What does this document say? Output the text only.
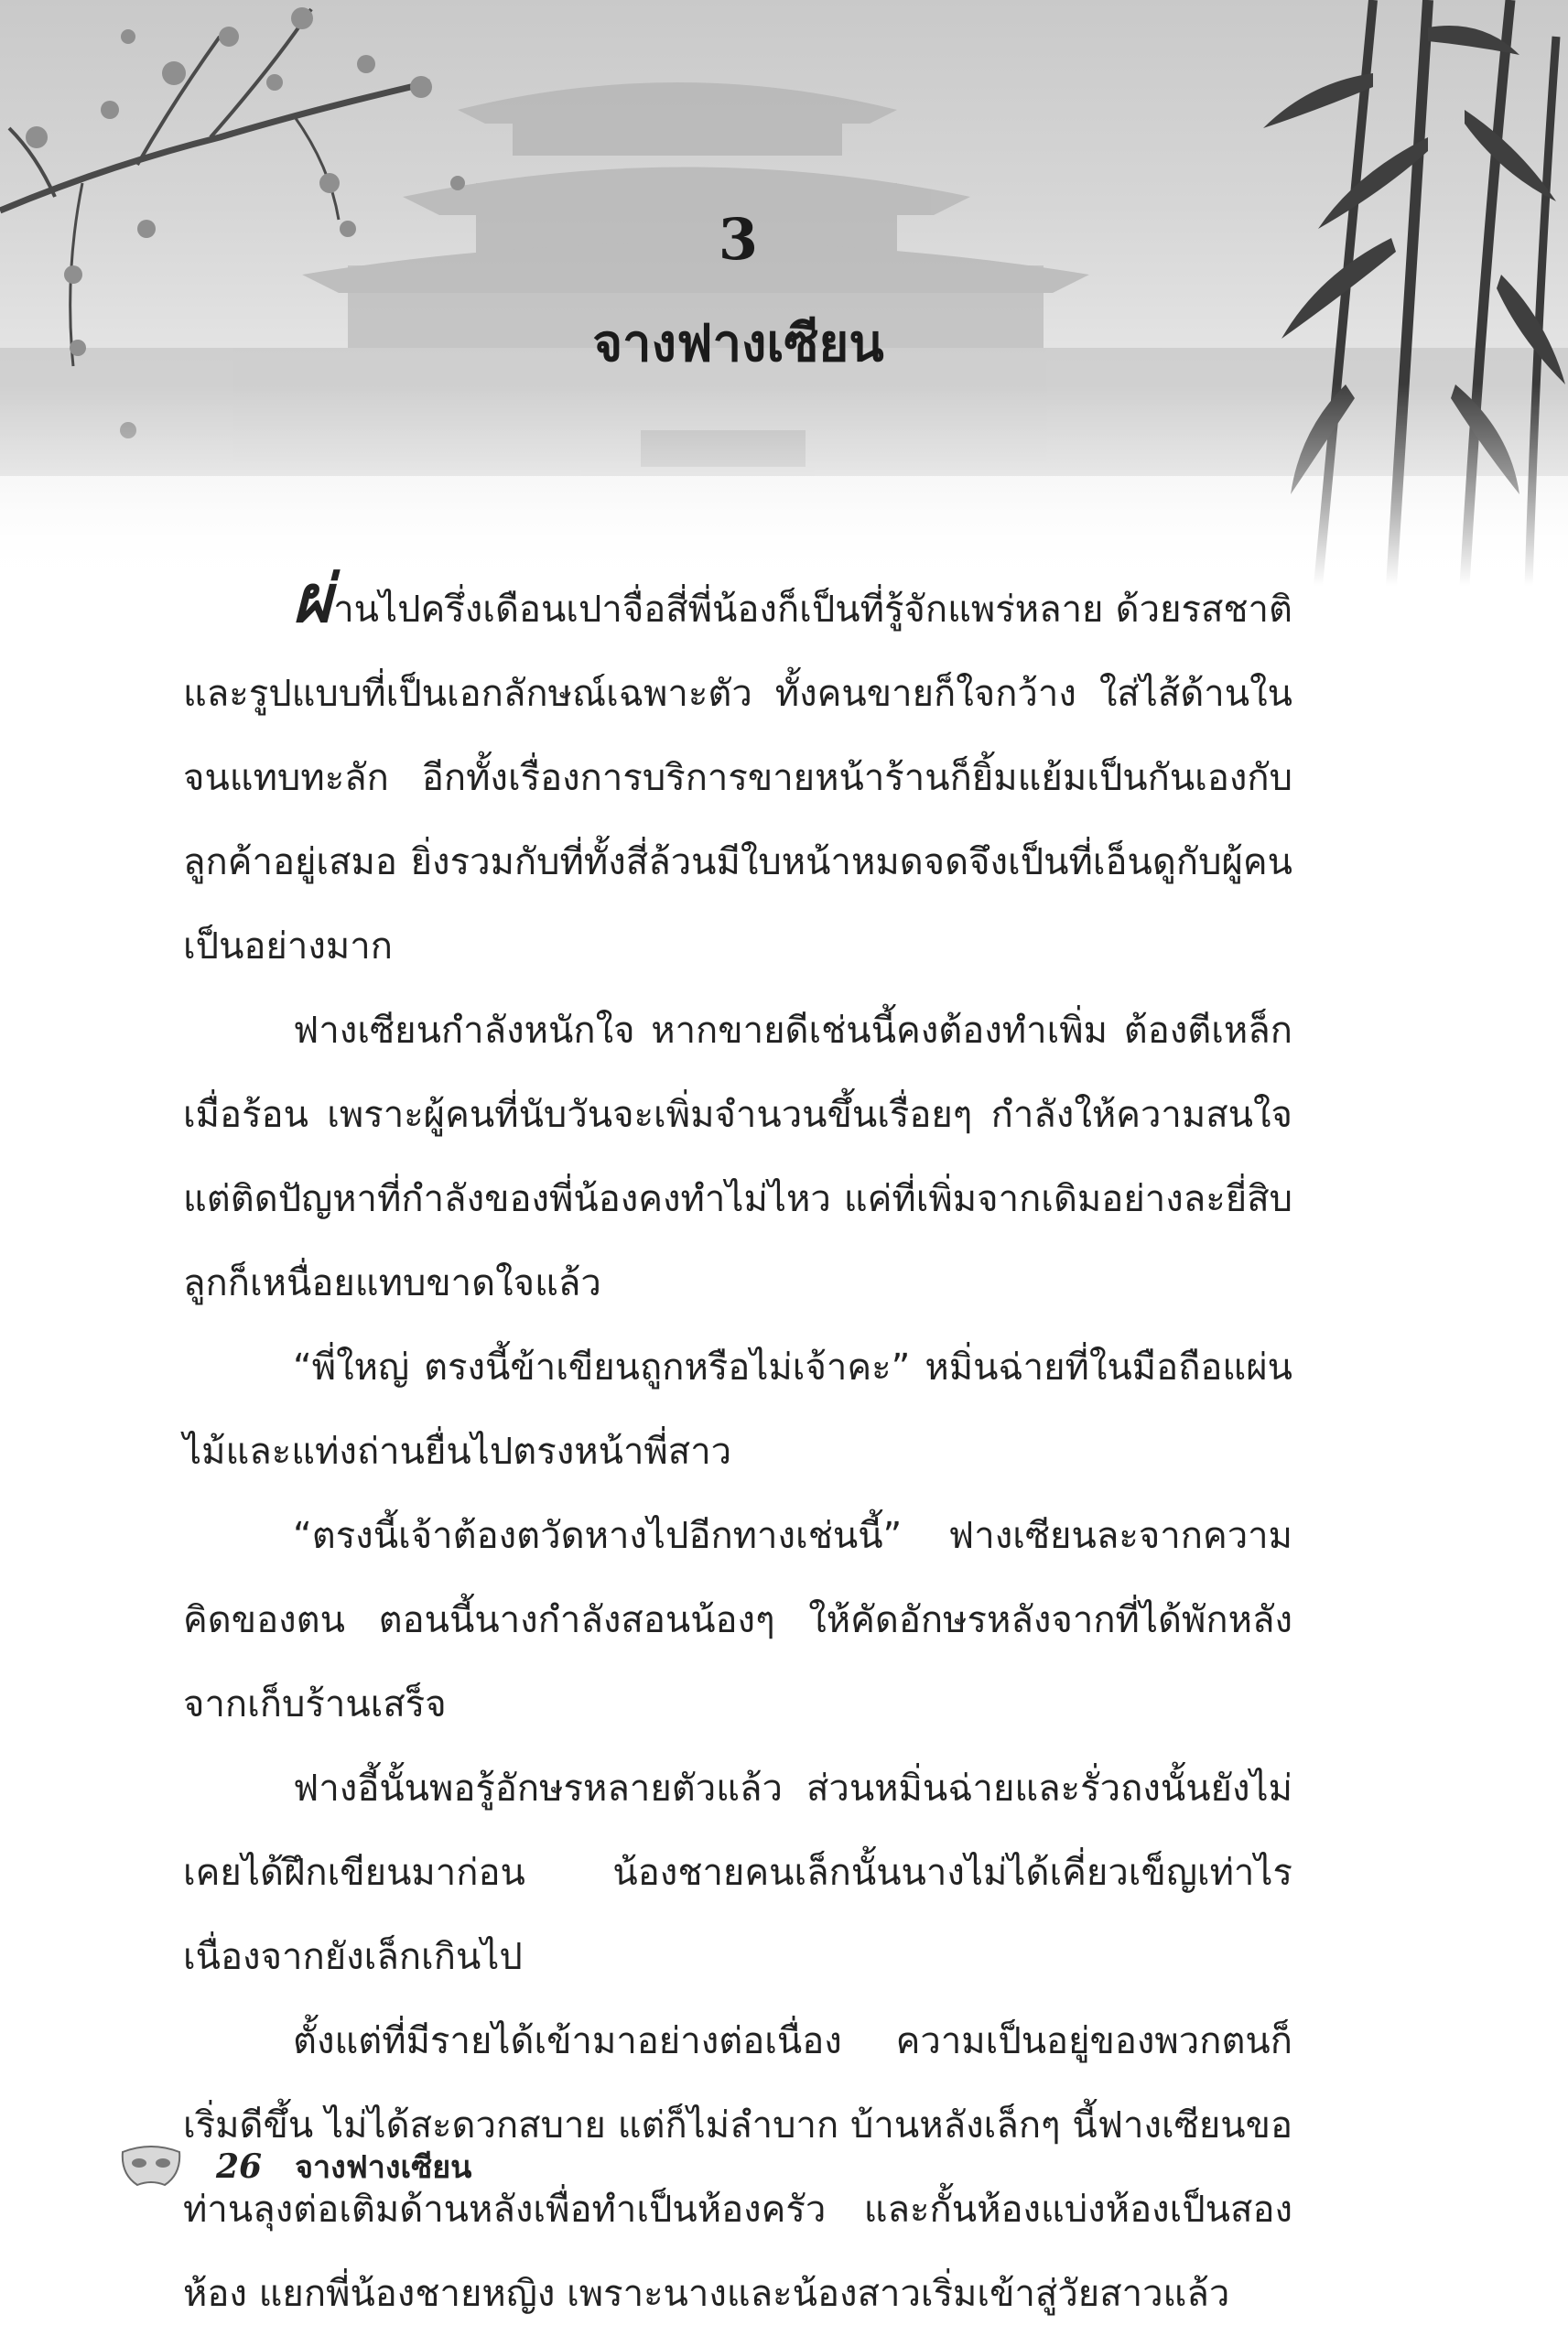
3
จางฟางเซียน

ผ่านไปครึ่งเดือนเปาจื่อสี่พี่น้องก็เป็นที่รู้จักแพร่หลาย ด้วยรสชาติและรูปแบบที่เป็นเอกลักษณ์เฉพาะตัว ทั้งคนขายก็ใจกว้าง ใส่ไส้ด้านในจนแทบทะลัก อีกทั้งเรื่องการบริการขายหน้าร้านก็ยิ้มแย้มเป็นกันเองกับลูกค้าอยู่เสมอ ยิ่งรวมกับที่ทั้งสี่ล้วนมีใบหน้าหมดจดจึงเป็นที่เอ็นดูกับผู้คนเป็นอย่างมาก

ฟางเซียนกำลังหนักใจ หากขายดีเช่นนี้คงต้องทำเพิ่ม ต้องตีเหล็กเมื่อร้อน เพราะผู้คนที่นับวันจะเพิ่มจำนวนขึ้นเรื่อยๆ กำลังให้ความสนใจ แต่ติดปัญหาที่กำลังของพี่น้องคงทำไม่ไหว แค่ที่เพิ่มจากเดิมอย่างละยี่สิบลูกก็เหนื่อยแทบขาดใจแล้ว

“พี่ใหญ่ ตรงนี้ข้าเขียนถูกหรือไม่เจ้าคะ” หมิ่นฉ่ายที่ในมือถือแผ่นไม้และแท่งถ่านยื่นไปตรงหน้าพี่สาว

“ตรงนี้เจ้าต้องตวัดหางไปอีกทางเช่นนี้” ฟางเซียนละจากความคิดของตน ตอนนี้นางกำลังสอนน้องๆ ให้คัดอักษรหลังจากที่ได้พักหลังจากเก็บร้านเสร็จ

ฟางอี้นั้นพอรู้อักษรหลายตัวแล้ว ส่วนหมิ่นฉ่ายและรั่วถงนั้นยังไม่เคยได้ฝึกเขียนมาก่อน น้องชายคนเล็กนั้นนางไม่ได้เคี่ยวเข็ญเท่าไรเนื่องจากยังเล็กเกินไป

ตั้งแต่ที่มีรายได้เข้ามาอย่างต่อเนื่อง ความเป็นอยู่ของพวกตนก็เริ่มดีขึ้น ไม่ได้สะดวกสบาย แต่ก็ไม่ลำบาก บ้านหลังเล็กๆ นี้ฟางเซียนขอท่านลุงต่อเติมด้านหลังเพื่อทำเป็นห้องครัว และกั้นห้องแบ่งห้องเป็นสองห้อง แยกพี่น้องชายหญิง เพราะนางและน้องสาวเริ่มเข้าสู่วัยสาวแล้ว

26 จางฟางเซียน
